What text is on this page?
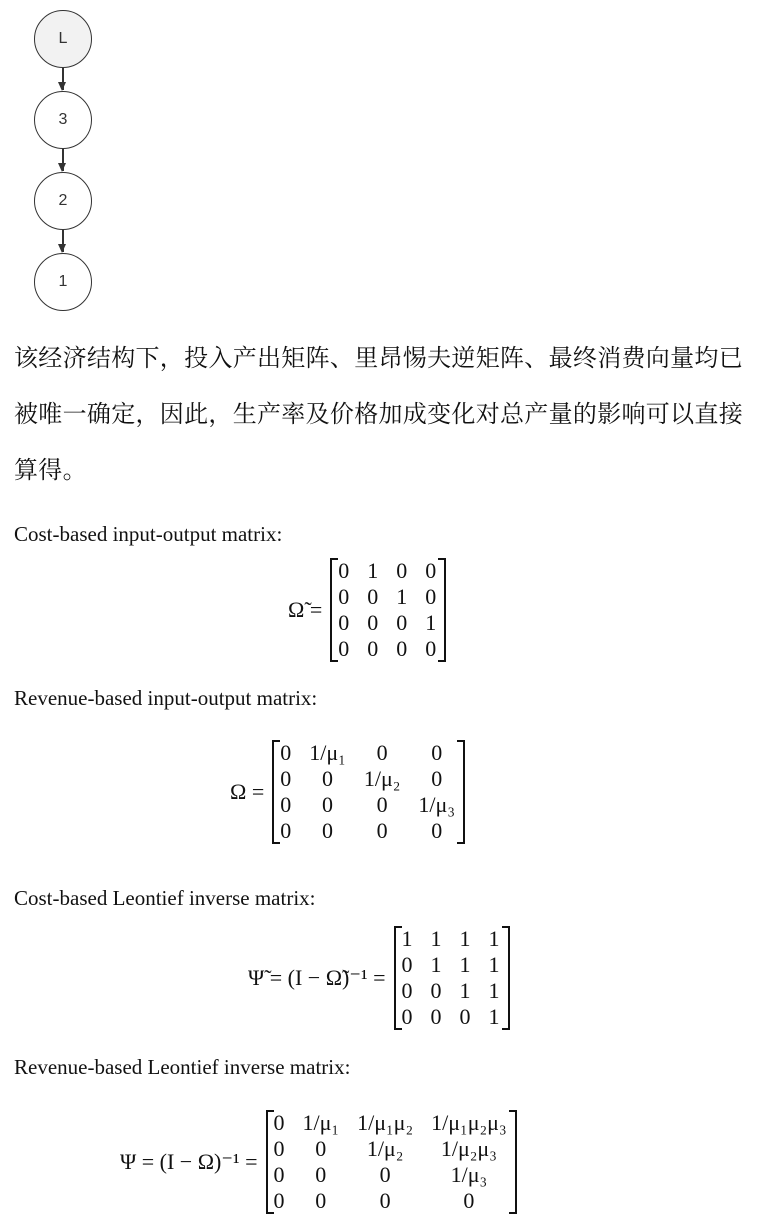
L
3
2
1
该经济结构下，投入产出矩阵、里昂惕夫逆矩阵、最终消费向量均已
被唯一确定，因此，生产率及价格加成变化对总产量的影响可以直接
算得。
Cost-based input-output matrix:
Ω̃ =
0	1	0	0
0	0	1	0
0	0	0	1
0	0	0	0
Revenue-based input-output matrix:
Ω =
0	1/μ₁	0	0
0	0	1/μ₂	0
0	0	0	1/μ₃
0	0	0	0
Cost-based Leontief inverse matrix:
Ψ̃ = (I − Ω̃)⁻¹ =
1	1	1	1
0	1	1	1
0	0	1	1
0	0	0	1
Revenue-based Leontief inverse matrix:
Ψ = (I − Ω)⁻¹ =
0	1/μ₁	1/μ₁μ₂	1/μ₁μ₂μ₃
0	0	1/μ₂	1/μ₂μ₃
0	0	0	1/μ₃
0	0	0	0
